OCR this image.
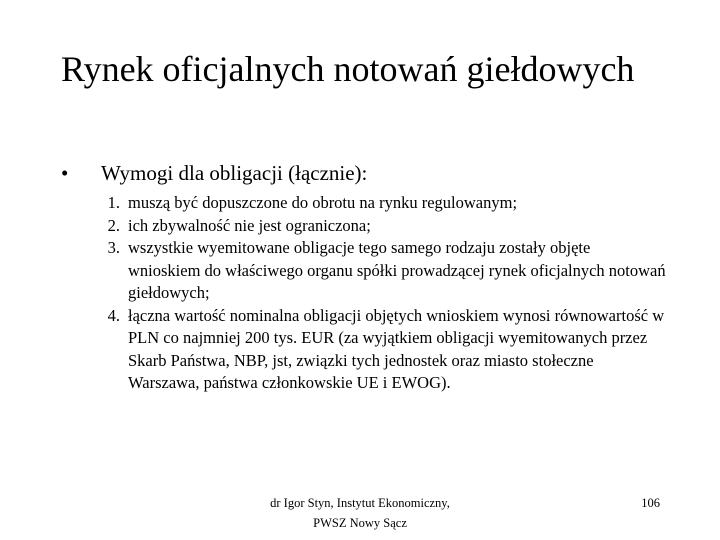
Rynek oficjalnych notowań giełdowych
•	Wymogi dla obligacji (łącznie):
1. muszą być dopuszczone do obrotu na rynku regulowanym;
2. ich zbywalność nie jest ograniczona;
3. wszystkie wyemitowane obligacje tego samego rodzaju zostały objęte wnioskiem do właściwego organu spółki prowadzącej rynek oficjalnych notowań giełdowych;
4. łączna wartość nominalna obligacji objętych wnioskiem wynosi równowartość w PLN co najmniej 200 tys. EUR (za wyjątkiem obligacji wyemitowanych przez Skarb Państwa, NBP, jst, związki tych jednostek oraz miasto stołeczne Warszawa, państwa członkowskie UE i EWOG).
dr Igor Styn, Instytut Ekonomiczny,
PWSZ Nowy Sącz
106
